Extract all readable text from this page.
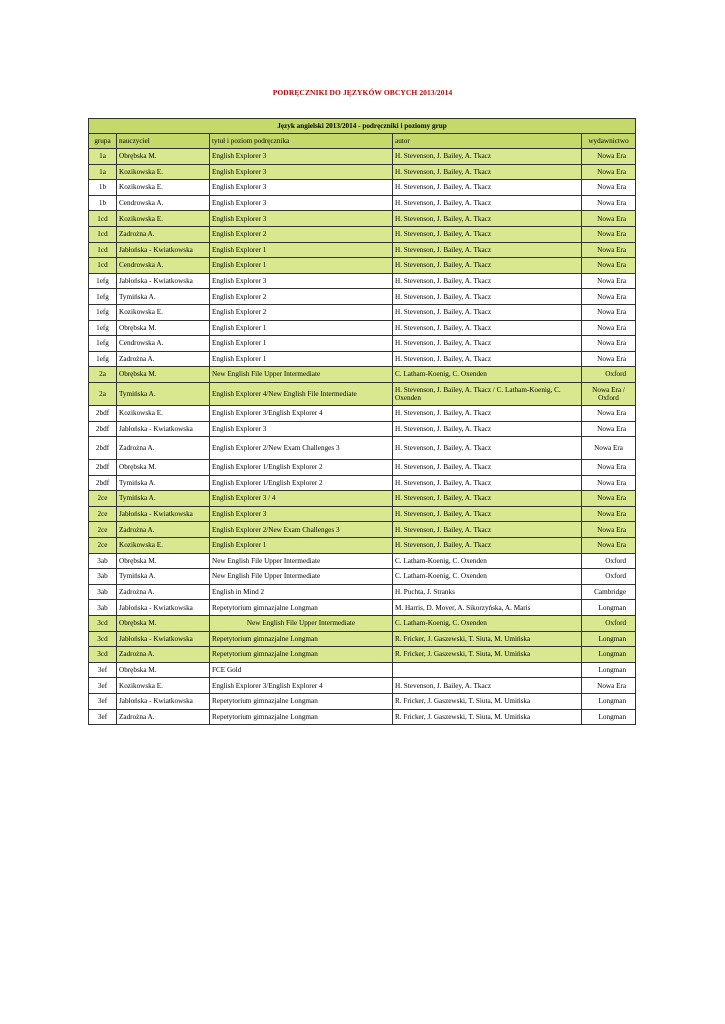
PODRĘCZNIKI DO JĘZYKÓW OBCYCH 2013/2014
Język angielski 2013/2014 - podręczniki i poziomy grup				
grupa	nauczyciel	tytuł i poziom podręcznika	autor	wydawnictwo
1a	Obrębska M.	English Explorer 3	H. Stevenson, J. Bailey, A. Tkacz	Nowa Era
1a	Kozikowska E.	English Explorer 3	H. Stevenson, J. Bailey, A. Tkacz	Nowa Era
1b	Kozikowska E.	English Explorer 3	H. Stevenson, J. Bailey, A. Tkacz	Nowa Era
1b	Cendrowska A.	English Explorer 3	H. Stevenson, J. Bailey, A. Tkacz	Nowa Era
1cd	Kozikowska E.	English Explorer 3	H. Stevenson, J. Bailey, A. Tkacz	Nowa Era
1cd	Zadrożna A.	English Explorer 2	H. Stevenson, J. Bailey, A. Tkacz	Nowa Era
1cd	Jabłońska - Kwiatkowska	English Explorer 1	H. Stevenson, J. Bailey, A. Tkacz	Nowa Era
1cd	Cendrowska A.	English Explorer 1	H. Stevenson, J. Bailey, A. Tkacz	Nowa Era
1efg	Jabłońska - Kwiatkowska	English Explorer 3	H. Stevenson, J. Bailey, A. Tkacz	Nowa Era
1efg	Tymińska A.	English Explorer 2	H. Stevenson, J. Bailey, A. Tkacz	Nowa Era
1efg	Kozikowska E.	English Explorer 2	H. Stevenson, J. Bailey, A. Tkacz	Nowa Era
1efg	Obrębska M.	English Explorer 1	H. Stevenson, J. Bailey, A. Tkacz	Nowa Era
1efg	Cendrowska A.	English Explorer 1	H. Stevenson, J. Bailey, A. Tkacz	Nowa Era
1efg	Zadrożna A.	English Explorer 1	H. Stevenson, J. Bailey, A. Tkacz	Nowa Era
2a	Obrębska M.	New English File Upper Intermediate	C. Latham-Koenig, C. Oxenden	Oxford
2a	Tymińska A.	English Explorer 4/New English File Intermediate	H. Stevenson, J. Bailey, A. Tkacz / C. Latham-Koenig, C. Oxenden	Nowa Era / Oxford
2bdf	Kozikowska E.	English Explorer 3/English Explorer 4	H. Stevenson, J. Bailey, A. Tkacz	Nowa Era
2bdf	Jabłońska - Kwiatkowska	English Explorer 3	H. Stevenson, J. Bailey, A. Tkacz	Nowa Era
2bdf	Zadrożna A.	English Explorer 2/New Exam Challenges 3	H. Stevenson, J. Bailey, A. Tkacz	Nowa Era
2bdf	Obrębska M.	English Explorer 1/English Explorer 2	H. Stevenson, J. Bailey, A. Tkacz	Nowa Era
2bdf	Tymińska A.	English Explorer 1/English Explorer 2	H. Stevenson, J. Bailey, A. Tkacz	Nowa Era
2ce	Tymińska A.	English Explorer 3 / 4	H. Stevenson, J. Bailey, A. Tkacz	Nowa Era
2ce	Jabłońska - Kwiatkowska	English Explorer 3	H. Stevenson, J. Bailey, A. Tkacz	Nowa Era
2ce	Zadrożna A.	English Explorer 2/New Exam Challenges 3	H. Stevenson, J. Bailey, A. Tkacz	Nowa Era
2ce	Kozikowska E.	English Explorer 1	H. Stevenson, J. Bailey, A. Tkacz	Nowa Era
3ab	Obrębska M.	New English File Upper Intermediate	C. Latham-Koenig, C. Oxenden	Oxford
3ab	Tymińska A.	New English File Upper Intermediate	C. Latham-Koenig, C. Oxenden	Oxford
3ab	Zadrożna A.	English in Mind 2	H. Puchta, J. Stranks	Cambridge
3ab	Jabłońska - Kwiatkowska	Repetytorium gimnazjalne Longman	M. Harris, D. Mover, A. Sikorzyńska, A. Maris	Longman
3cd	Obrębska M.	New English File Upper Intermediate	C. Latham-Koenig, C. Oxenden	Oxford
3cd	Jabłońska - Kwiatkowska	Repetytorium gimnazjalne Longman	R. Fricker, J. Gaszewski, T. Siuta, M. Umińska	Longman
3cd	Zadrożna A.	Repetytorium gimnazjalne Longman	R. Fricker, J. Gaszewski, T. Siuta, M. Umińska	Longman
3ef	Obrębska M.	FCE Gold		Longman
3ef	Kozikowska E.	English Explorer 3/English Explorer 4	H. Stevenson, J. Bailey, A. Tkacz	Nowa Era
3ef	Jabłońska - Kwiatkowska	Repetytorium gimnazjalne Longman	R. Fricker, J. Gaszewski, T. Siuta, M. Umińska	Longman
3ef	Zadrożna A.	Repetytorium gimnazjalne Longman	R. Fricker, J. Gaszewski, T. Siuta, M. Umińska	Longman
